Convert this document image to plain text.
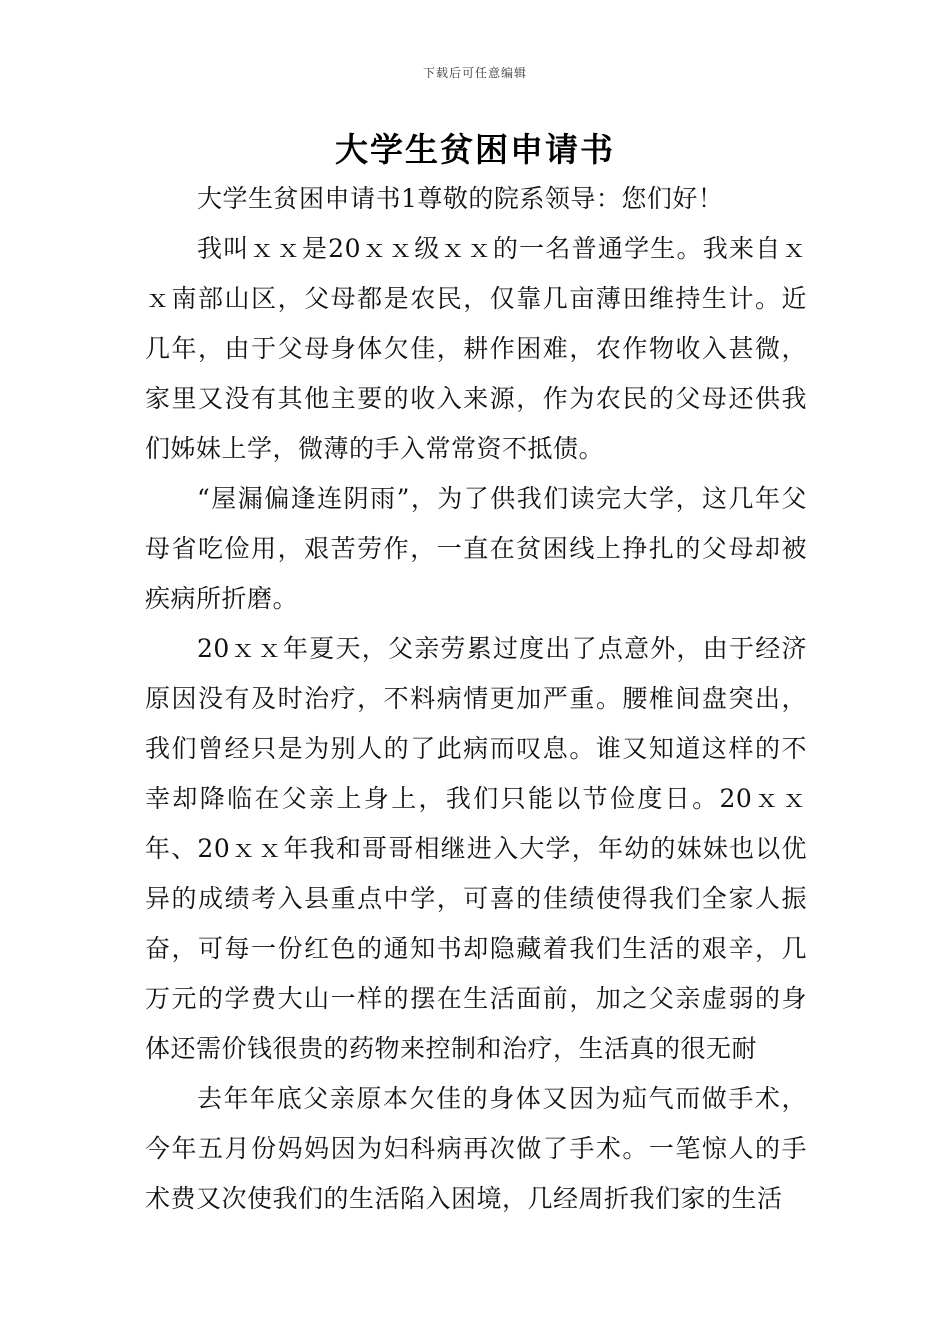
下载后可任意编辑
大学生贫困申请书

大学生贫困申请书1尊敬的院系领导：您们好！

我叫ｘｘ是20ｘｘ级ｘｘ的一名普通学生。我来自ｘｘ南部山区，父母都是农民，仅靠几亩薄田维持生计。近几年，由于父母身体欠佳，耕作困难，农作物收入甚微，家里又没有其他主要的收入来源，作为农民的父母还供我们姊妹上学，微薄的手入常常资不抵债。

“屋漏偏逢连阴雨”，为了供我们读完大学，这几年父母省吃俭用，艰苦劳作，一直在贫困线上挣扎的父母却被疾病所折磨。

20ｘｘ年夏天，父亲劳累过度出了点意外，由于经济原因没有及时治疗，不料病情更加严重。腰椎间盘突出，我们曾经只是为别人的了此病而叹息。谁又知道这样的不幸却降临在父亲上身上，我们只能以节俭度日。20ｘｘ年、20ｘｘ年我和哥哥相继进入大学，年幼的妹妹也以优异的成绩考入县重点中学，可喜的佳绩使得我们全家人振奋，可每一份红色的通知书却隐藏着我们生活的艰辛，几万元的学费大山一样的摆在生活面前，加之父亲虚弱的身体还需价钱很贵的药物来控制和治疗，生活真的很无耐

去年年底父亲原本欠佳的身体又因为疝气而做手术，今年五月份妈妈因为妇科病再次做了手术。一笔惊人的手术费又次使我们的生活陷入困境，几经周折我们家的生活
